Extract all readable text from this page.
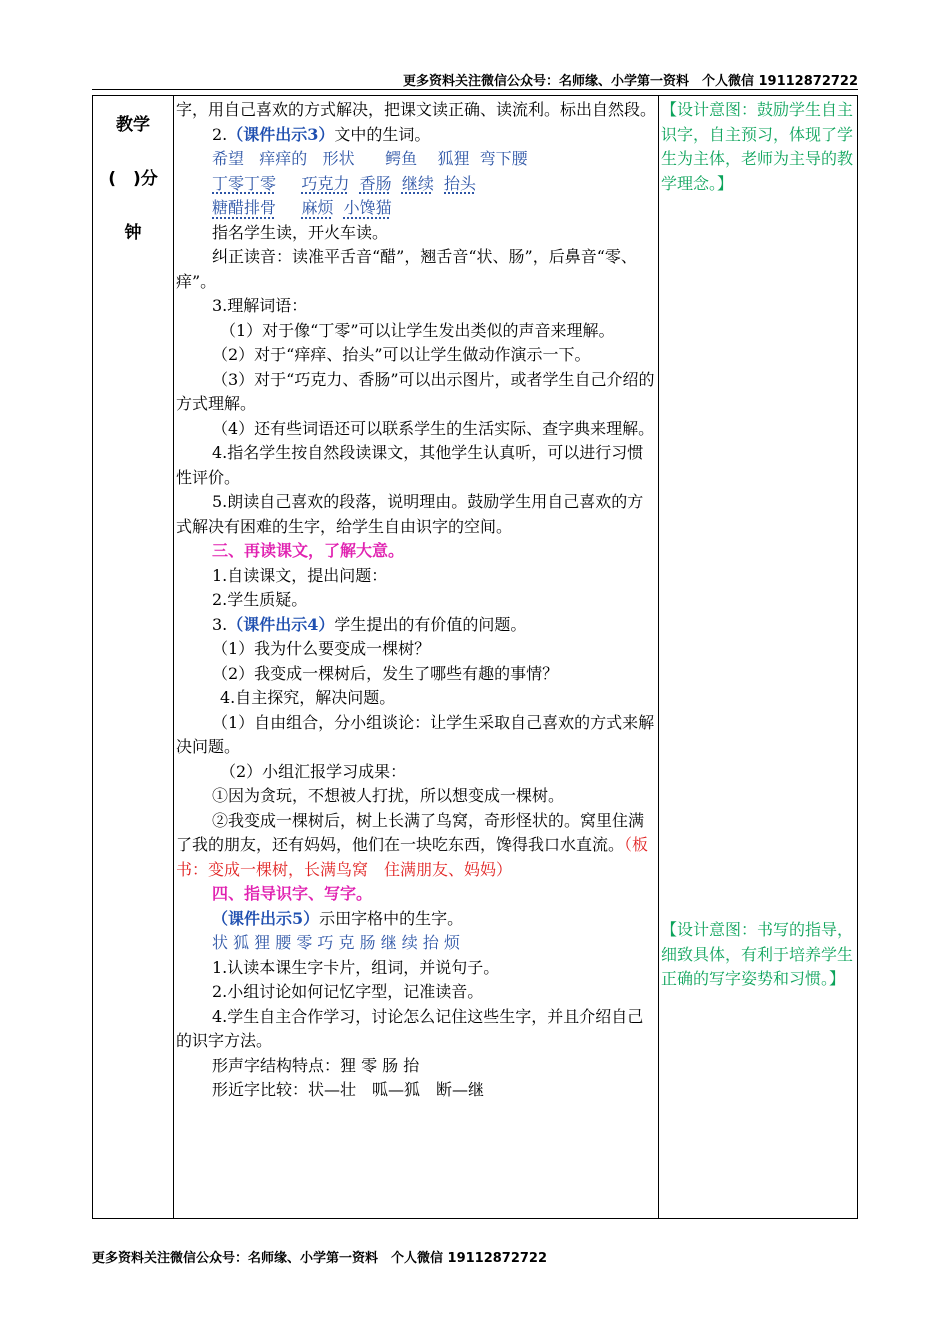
更多资料关注微信公众号：名师缘、小学第一资料　个人微信 19112872722
教学
(　)分
钟

字，用自己喜欢的方式解决，把课文读正确、读流利。标出自然段。

2.（课件出示3）文中的生词。

希望 痒痒的 形状 鳄鱼 狐狸 弯下腰

丁零丁零 巧克力 香肠 继续 抬头

糖醋排骨 麻烦 小馋猫

指名学生读，开火车读。

纠正读音：读准平舌音“醋”，翘舌音“状、肠”，后鼻音“零、痒”。

3.理解词语：

（1）对于像“丁零”可以让学生发出类似的声音来理解。

（2）对于“痒痒、抬头”可以让学生做动作演示一下。

（3）对于“巧克力、香肠”可以出示图片，或者学生自己介绍的方式理解。

（4）还有些词语还可以联系学生的生活实际、查字典来理解。

4.指名学生按自然段读课文，其他学生认真听，可以进行习惯性评价。

5.朗读自己喜欢的段落，说明理由。鼓励学生用自己喜欢的方式解决有困难的生字，给学生自由识字的空间。

三、再读课文，了解大意。

1.自读课文，提出问题：

2.学生质疑。

3.（课件出示4）学生提出的有价值的问题。

（1）我为什么要变成一棵树？

（2）我变成一棵树后，发生了哪些有趣的事情？

4.自主探究，解决问题。

（1）自由组合，分小组谈论：让学生采取自己喜欢的方式来解决问题。

（2）小组汇报学习成果：

①因为贪玩，不想被人打扰，所以想变成一棵树。

②我变成一棵树后，树上长满了鸟窝，奇形怪状的。窝里住满了我的朋友，还有妈妈，他们在一块吃东西，馋得我口水直流。（板书：变成一棵树，长满鸟窝　住满朋友、妈妈）

四、指导识字、写字。

（课件出示5）示田字格中的生字。

状 狐 狸 腰 零 巧 克 肠 继 续 抬 烦

1.认读本课生字卡片，组词，并说句子。

2.小组讨论如何记忆字型，记准读音。

4.学生自主合作学习，讨论怎么记住这些生字，并且介绍自己的识字方法。

形声字结构特点：狸 零 肠 抬

形近字比较：状—壮　呱—狐　断—继

【设计意图：鼓励学生自主识字，自主预习，体现了学生为主体，老师为主导的教学理念。】
【设计意图：书写的指导，细致具体，有利于培养学生正确的写字姿势和习惯。】
更多资料关注微信公众号：名师缘、小学第一资料　个人微信 19112872722
